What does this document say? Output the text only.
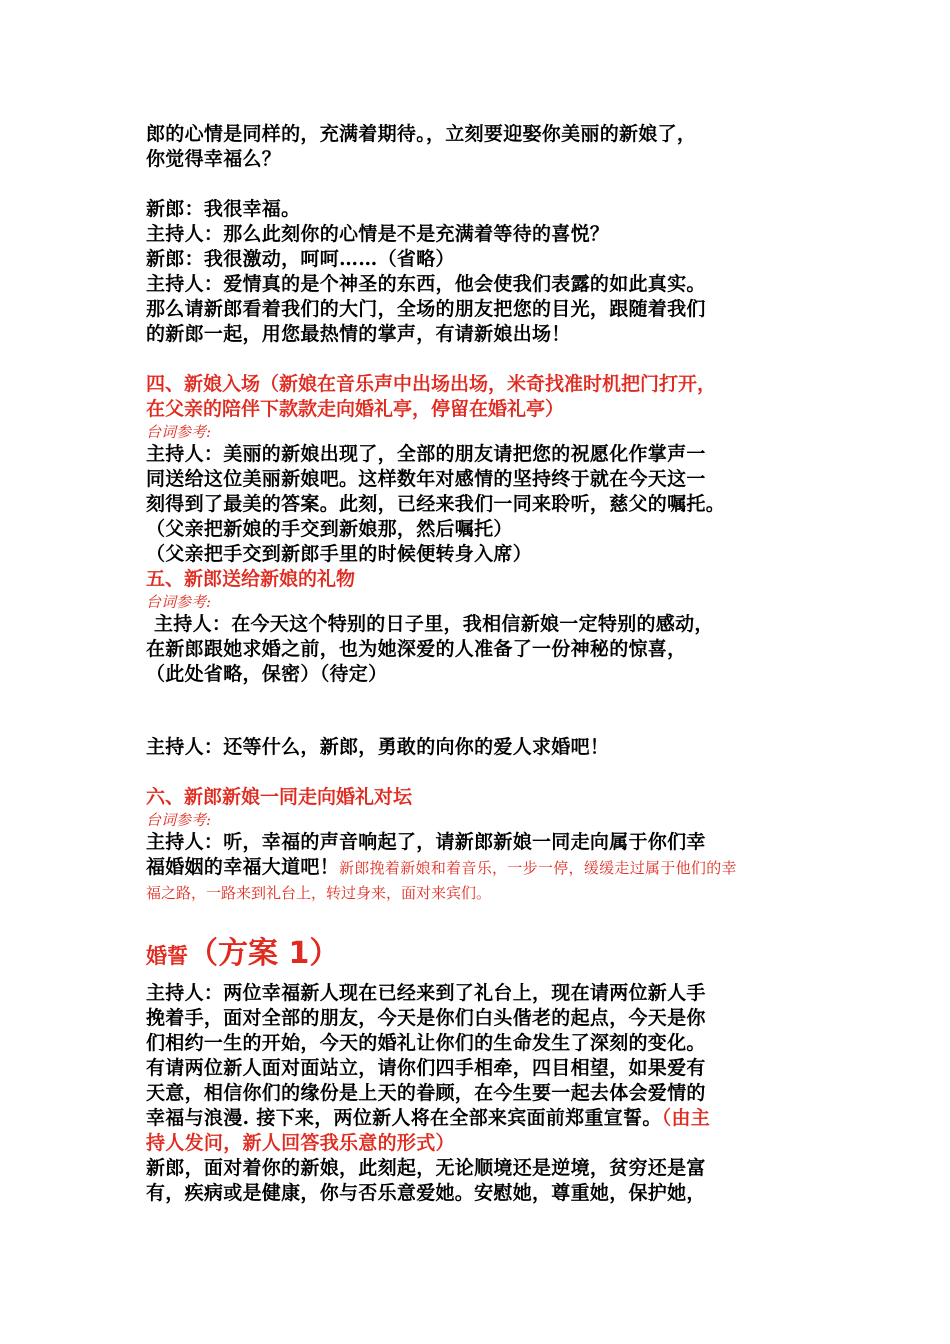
郎的心情是同样的，充满着期待。，立刻要迎娶你美丽的新娘了，
你觉得幸福么？
新郎：我很幸福。
主持人：那么此刻你的心情是不是充满着等待的喜悦？
新郎：我很激动，呵呵……（省略）
主持人：爱情真的是个神圣的东西，他会使我们表露的如此真实。
那么请新郎看着我们的大门，全场的朋友把您的目光，跟随着我们
的新郎一起，用您最热情的掌声，有请新娘出场！
四、新娘入场（新娘在音乐声中出场出场，米奇找准时机把门打开，
在父亲的陪伴下款款走向婚礼亭，停留在婚礼亭）
台词参考:
主持人：美丽的新娘出现了，全部的朋友请把您的祝愿化作掌声一
同送给这位美丽新娘吧。这样数年对感情的坚持终于就在今天这一
刻得到了最美的答案。此刻，已经来我们一同来聆听，慈父的嘱托。
（父亲把新娘的手交到新娘那，然后嘱托）
（父亲把手交到新郎手里的时候便转身入席）
五、新郎送给新娘的礼物
台词参考:
主持人：在今天这个特别的日子里，我相信新娘一定特别的感动，
在新郎跟她求婚之前，也为她深爱的人准备了一份神秘的惊喜，
（此处省略，保密）（待定）
主持人：还等什么，新郎，勇敢的向你的爱人求婚吧！
六、新郎新娘一同走向婚礼对坛
台词参考:
主持人：听，幸福的声音响起了，请新郎新娘一同走向属于你们幸
福婚姻的幸福大道吧！新郎挽着新娘和着音乐，一步一停，缓缓走过属于他们的幸
福之路，一路来到礼台上，转过身来，面对来宾们。
婚誓（方案 1）
主持人：两位幸福新人现在已经来到了礼台上，现在请两位新人手
挽着手，面对全部的朋友，今天是你们白头偕老的起点，今天是你
们相约一生的开始，今天的婚礼让你们的生命发生了深刻的变化。
有请两位新人面对面站立，请你们四手相牵，四目相望，如果爱有
天意，相信你们的缘份是上天的眷顾，在今生要一起去体会爱情的
幸福与浪漫. 接下来，两位新人将在全部来宾面前郑重宣誓。（由主
持人发问，新人回答我乐意的形式）
新郎，面对着你的新娘，此刻起，无论顺境还是逆境，贫穷还是富
有，疾病或是健康，你与否乐意爱她。安慰她，尊重她，保护她，
